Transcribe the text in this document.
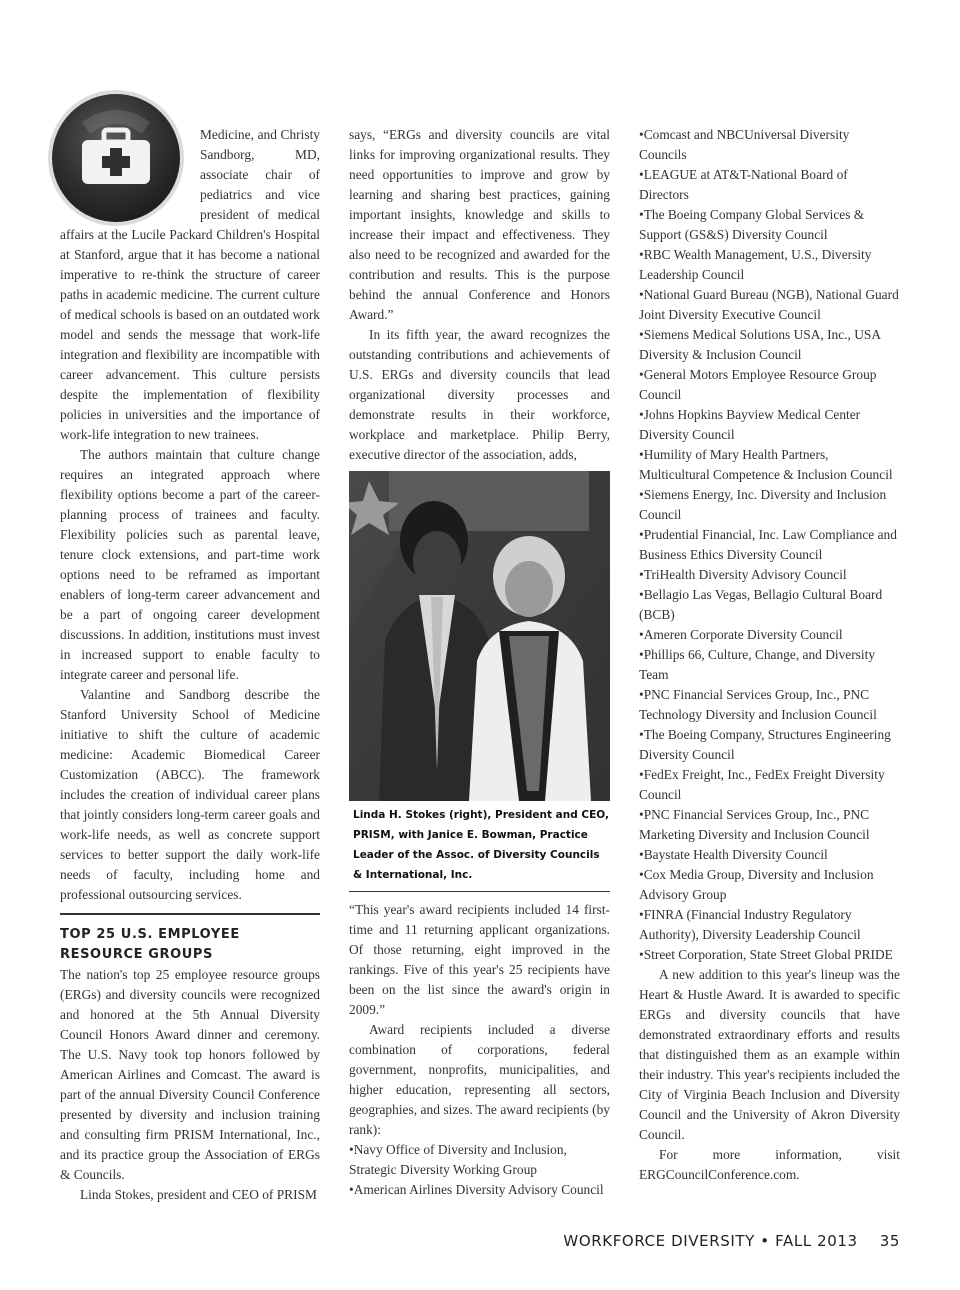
Medicine, and Christy Sandborg, MD, associate chair of pediatrics and vice president of medical affairs at the Lucile Packard Children's Hospital at Stanford, argue that it has become a national imperative to re-think the structure of career paths in academic medicine. The current culture of medical schools is based on an outdated work model and sends the message that work-life integration and flexibility are incompatible with career advancement. This culture persists despite the implementation of flexibility policies in universities and the importance of work-life integration to new trainees.

The authors maintain that culture change requires an integrated approach where flexibility options become a part of the career-planning process of trainees and faculty. Flexibility policies such as parental leave, tenure clock extensions, and part-time work options need to be reframed as important enablers of long-term career advancement and be a part of ongoing career development discussions. In addition, institutions must invest in increased support to enable faculty to integrate career and personal life.

Valantine and Sandborg describe the Stanford University School of Medicine initiative to shift the culture of academic medicine: Academic Biomedical Career Customization (ABCC). The framework includes the creation of individual career plans that jointly considers long-term career goals and work-life needs, as well as concrete support services to better support the daily work-life needs of faculty, including home and professional outsourcing services.

TOP 25 U.S. EMPLOYEE

RESOURCE GROUPS

The nation's top 25 employee resource groups (ERGs) and diversity councils were recognized and honored at the 5th Annual Diversity Council Honors Award dinner and ceremony. The U.S. Navy took top honors followed by American Airlines and Comcast. The award is part of the annual Diversity Council Conference presented by diversity and inclusion training and consulting firm PRISM International, Inc., and its practice group the Association of ERGs & Councils.

Linda Stokes, president and CEO of PRISM

says, “ERGs and diversity councils are vital links for improving organizational results. They need opportunities to improve and grow by learning and sharing best practices, gaining important insights, knowledge and skills to increase their impact and effectiveness. They also need to be recognized and awarded for the contribution and results. This is the purpose behind the annual Conference and Honors Award.”

In its fifth year, the award recognizes the outstanding contributions and achievements of U.S. ERGs and diversity councils that lead organizational diversity processes and demonstrate results in their workforce, workplace and marketplace. Philip Berry, executive director of the association, adds,

Linda H. Stokes (right), President and CEO, PRISM, with Janice E. Bowman, Practice Leader of the Assoc. of Diversity Councils & International, Inc.

“This year's award recipients included 14 first-time and 11 returning applicant organizations. Of those returning, eight improved in the rankings. Five of this year's 25 recipients have been on the list since the award's origin in 2009.”

Award recipients included a diverse combination of corporations, federal government, nonprofits, municipalities, and higher education, representing all sectors, geographies, and sizes. The award recipients (by rank):

•Navy Office of Diversity and Inclusion, Strategic Diversity Working Group

•American Airlines Diversity Advisory Council

•Comcast and NBCUniversal Diversity Councils

•LEAGUE at AT&T-National Board of Directors

•The Boeing Company Global Services & Support (GS&S) Diversity Council

•RBC Wealth Management, U.S., Diversity Leadership Council

•National Guard Bureau (NGB), National Guard Joint Diversity Executive Council

•Siemens Medical Solutions USA, Inc., USA Diversity & Inclusion Council

•General Motors Employee Resource Group Council

•Johns Hopkins Bayview Medical Center Diversity Council

•Humility of Mary Health Partners, Multicultural Competence & Inclusion Council

•Siemens Energy, Inc. Diversity and Inclusion Council

•Prudential Financial, Inc. Law Compliance and Business Ethics Diversity Council

•TriHealth Diversity Advisory Council

•Bellagio Las Vegas, Bellagio Cultural Board (BCB)

•Ameren Corporate Diversity Council

•Phillips 66, Culture, Change, and Diversity Team

•PNC Financial Services Group, Inc., PNC Technology Diversity and Inclusion Council

•The Boeing Company, Structures Engineering Diversity Council

•FedEx Freight, Inc., FedEx Freight Diversity Council

•PNC Financial Services Group, Inc., PNC Marketing Diversity and Inclusion Council

•Baystate Health Diversity Council

•Cox Media Group, Diversity and Inclusion Advisory Group

•FINRA (Financial Industry Regulatory Authority), Diversity Leadership Council

•Street Corporation, State Street Global PRIDE

A new addition to this year's lineup was the Heart & Hustle Award. It is awarded to specific ERGs and diversity councils that have demonstrated extraordinary efforts and results that distinguished them as an example within their industry. This year's recipients included the City of Virginia Beach Inclusion and Diversity Council and the University of Akron Diversity Council.

For more information, visit ERGCouncilConference.com.

WORKFORCE DIVERSITY • FALL 2013 35
